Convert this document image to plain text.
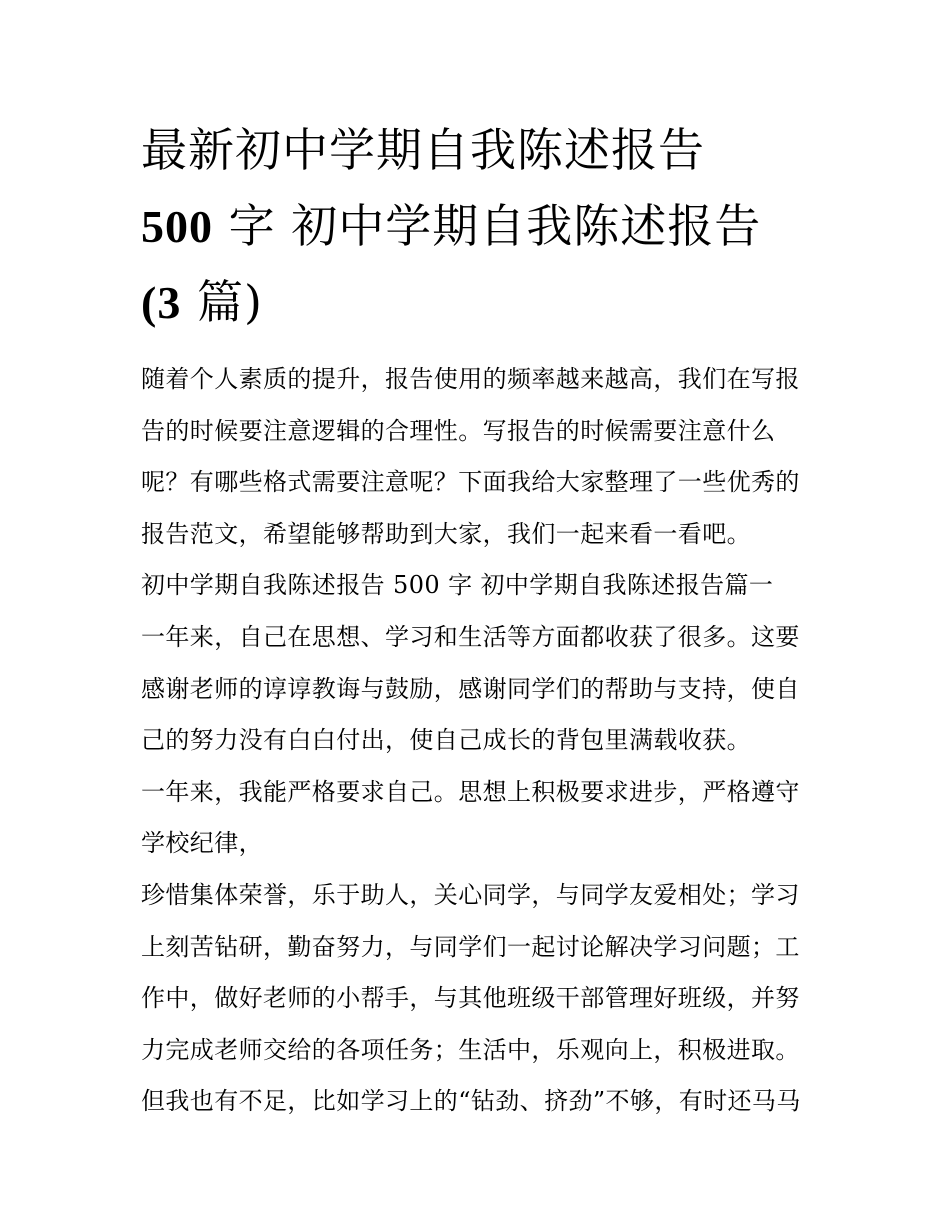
最新初中学期自我陈述报告
500 字 初中学期自我陈述报告
(3 篇)
随着个人素质的提升，报告使用的频率越来越高，我们在写报
告的时候要注意逻辑的合理性。写报告的时候需要注意什么
呢？有哪些格式需要注意呢？下面我给大家整理了一些优秀的
报告范文，希望能够帮助到大家，我们一起来看一看吧。
初中学期自我陈述报告 500 字 初中学期自我陈述报告篇一
一年来，自己在思想、学习和生活等方面都收获了很多。这要
感谢老师的谆谆教诲与鼓励，感谢同学们的帮助与支持，使自
己的努力没有白白付出，使自己成长的背包里满载收获。
一年来，我能严格要求自己。思想上积极要求进步，严格遵守
学校纪律，
珍惜集体荣誉，乐于助人，关心同学，与同学友爱相处；学习
上刻苦钻研，勤奋努力，与同学们一起讨论解决学习问题；工
作中，做好老师的小帮手，与其他班级干部管理好班级，并努
力完成老师交给的各项任务；生活中，乐观向上，积极进取。
但我也有不足，比如学习上的“钻劲、挤劲”不够，有时还马马
